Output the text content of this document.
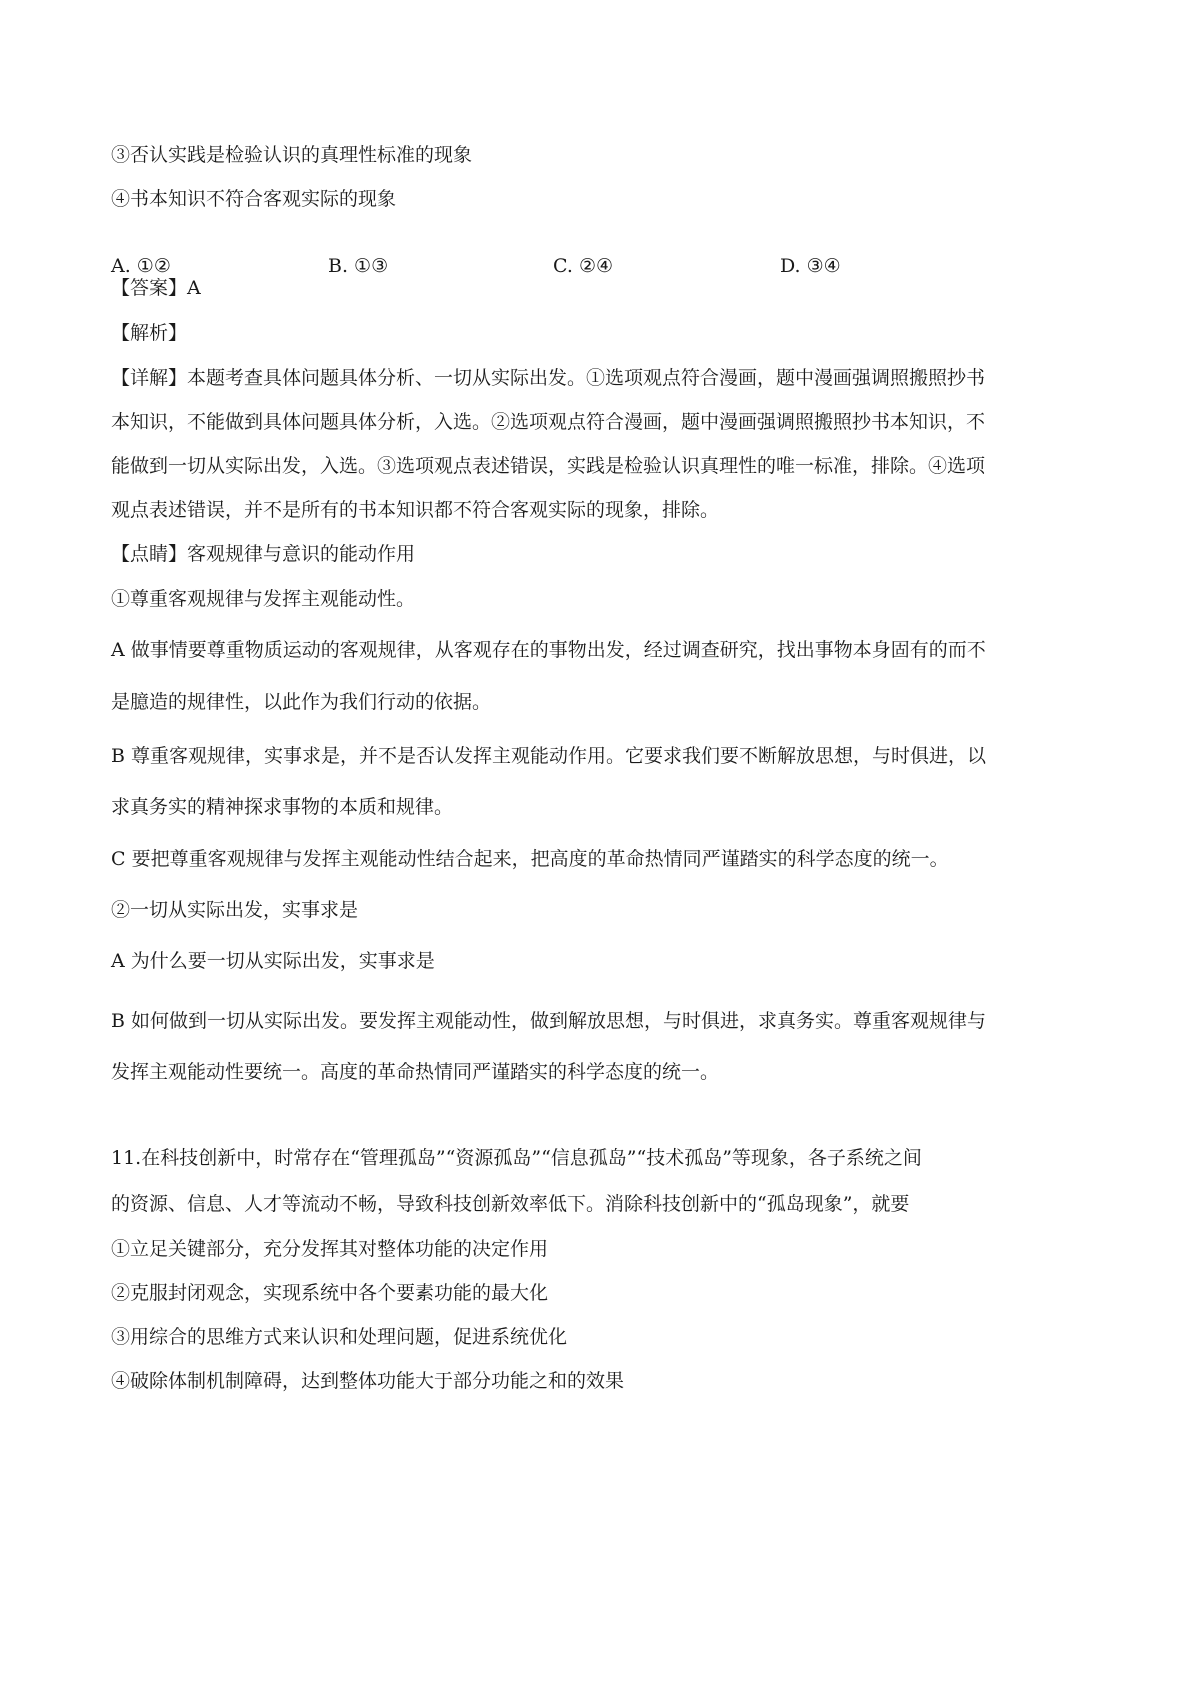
③否认实践是检验认识的真理性标准的现象
④书本知识不符合客观实际的现象
A. ①②	B. ①③	C. ②④	D. ③④
【答案】A
【解析】
【详解】本题考查具体问题具体分析、一切从实际出发。①选项观点符合漫画，题中漫画强调照搬照抄书
本知识，不能做到具体问题具体分析，入选。②选项观点符合漫画，题中漫画强调照搬照抄书本知识，不
能做到一切从实际出发，入选。③选项观点表述错误，实践是检验认识真理性的唯一标准，排除。④选项
观点表述错误，并不是所有的书本知识都不符合客观实际的现象，排除。
【点睛】客观规律与意识的能动作用
①尊重客观规律与发挥主观能动性。
A 做事情要尊重物质运动的客观规律，从客观存在的事物出发，经过调查研究，找出事物本身固有的而不
是臆造的规律性，以此作为我们行动的依据。
B 尊重客观规律，实事求是，并不是否认发挥主观能动作用。它要求我们要不断解放思想，与时俱进，以
求真务实的精神探求事物的本质和规律。
C 要把尊重客观规律与发挥主观能动性结合起来，把高度的革命热情同严谨踏实的科学态度的统一。
②一切从实际出发，实事求是
A 为什么要一切从实际出发，实事求是
B 如何做到一切从实际出发。要发挥主观能动性，做到解放思想，与时俱进，求真务实。尊重客观规律与
发挥主观能动性要统一。高度的革命热情同严谨踏实的科学态度的统一。
11.在科技创新中，时常存在“管理孤岛”“资源孤岛”“信息孤岛”“技术孤岛”等现象，各子系统之间
的资源、信息、人才等流动不畅，导致科技创新效率低下。消除科技创新中的“孤岛现象”，就要
①立足关键部分，充分发挥其对整体功能的决定作用
②克服封闭观念，实现系统中各个要素功能的最大化
③用综合的思维方式来认识和处理问题，促进系统优化
④破除体制机制障碍，达到整体功能大于部分功能之和的效果
